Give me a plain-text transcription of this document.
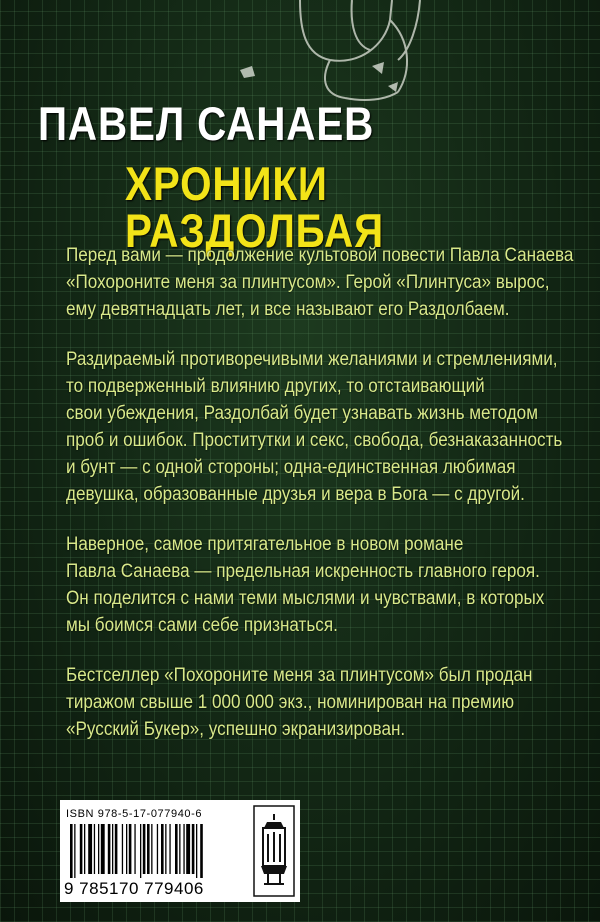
ПАВЕЛ САНАЕВ
ХРОНИКИ РАЗДОЛБАЯ

Перед вами — продолжение культовой повести Павла Санаева
«Похороните меня за плинтусом». Герой «Плинтуса» вырос,
ему девятнадцать лет, и все называют его Раздолбаем.

Раздираемый противоречивыми желаниями и стремлениями,
то подверженный влиянию других, то отстаивающий
свои убеждения, Раздолбай будет узнавать жизнь методом
проб и ошибок. Проститутки и секс, свобода, безнаказанность
и бунт — с одной стороны; одна-единственная любимая
девушка, образованные друзья и вера в Бога — с другой.

Наверное, самое притягательное в новом романе
Павла Санаева — предельная искренность главного героя.
Он поделится с нами теми мыслями и чувствами, в которых
мы боимся сами себе признаться.

Бестселлер «Похороните меня за плинтусом» был продан
тиражом свыше 1 000 000 экз., номинирован на премию
«Русский Букер», успешно экранизирован.

ISBN 978-5-17-077940-6
9 785170 779406
